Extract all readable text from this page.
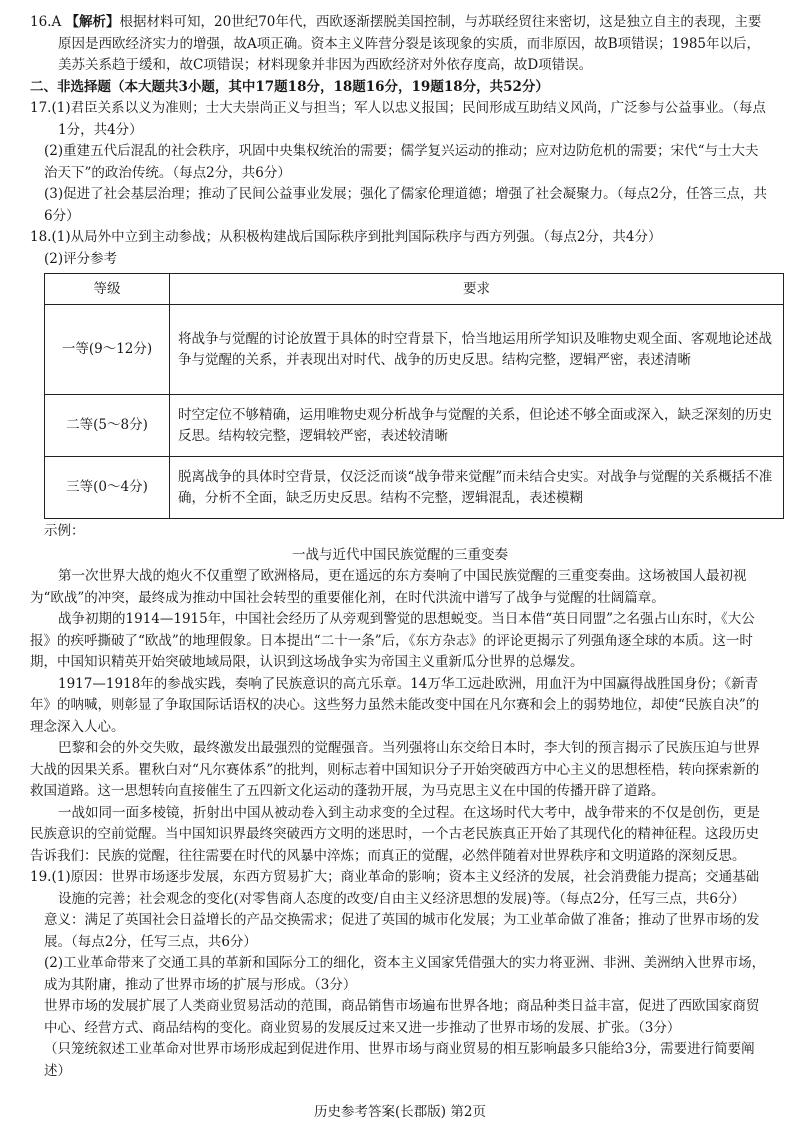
16.A 【解析】根据材料可知，20世纪70年代，西欧逐渐摆脱美国控制，与苏联经贸往来密切，这是独立自主的表现，主要原因是西欧经济实力的增强，故A项正确。资本主义阵营分裂是该现象的实质，而非原因，故B项错误；1985年以后，美苏关系趋于缓和，故C项错误；材料现象并非因为西欧经济对外依存度高，故D项错误。

二、非选择题（本大题共3小题，其中17题18分，18题16分，19题18分，共52分）

17.(1)君臣关系以义为准则；士大夫崇尚正义与担当；军人以忠义报国；民间形成互助结义风尚，广泛参与公益事业。（每点1分，共4分）

(2)重建五代后混乱的社会秩序，巩固中央集权统治的需要；儒学复兴运动的推动；应对边防危机的需要；宋代“与士大夫治天下”的政治传统。（每点2分，共6分）

(3)促进了社会基层治理；推动了民间公益事业发展；强化了儒家伦理道德；增强了社会凝聚力。（每点2分，任答三点，共6分）

18.(1)从局外中立到主动参战；从积极构建战后国际秩序到批判国际秩序与西方列强。（每点2分，共4分）

(2)评分参考

等级	要求
一等(9～12分)	将战争与觉醒的讨论放置于具体的时空背景下，恰当地运用所学知识及唯物史观全面、客观地论述战争与觉醒的关系，并表现出对时代、战争的历史反思。结构完整，逻辑严密，表述清晰
二等(5～8分)	时空定位不够精确，运用唯物史观分析战争与觉醒的关系，但论述不够全面或深入，缺乏深刻的历史反思。结构较完整，逻辑较严密，表述较清晰
三等(0～4分)	脱离战争的具体时空背景，仅泛泛而谈“战争带来觉醒”而未结合史实。对战争与觉醒的关系概括不准确，分析不全面，缺乏历史反思。结构不完整，逻辑混乱，表述模糊

示例：

一战与近代中国民族觉醒的三重变奏

第一次世界大战的炮火不仅重塑了欧洲格局，更在遥远的东方奏响了中国民族觉醒的三重变奏曲。这场被国人最初视为“欧战”的冲突，最终成为推动中国社会转型的重要催化剂，在时代洪流中谱写了战争与觉醒的壮阔篇章。

战争初期的1914—1915年，中国社会经历了从旁观到警觉的思想蜕变。当日本借“英日同盟”之名强占山东时，《大公报》的疾呼撕破了“欧战”的地理假象。日本提出“二十一条”后，《东方杂志》的评论更揭示了列强角逐全球的本质。这一时期，中国知识精英开始突破地域局限，认识到这场战争实为帝国主义重新瓜分世界的总爆发。

1917—1918年的参战实践，奏响了民族意识的高亢乐章。14万华工远赴欧洲，用血汗为中国赢得战胜国身份；《新青年》的呐喊，则彰显了争取国际话语权的决心。这些努力虽然未能改变中国在凡尔赛和会上的弱势地位，却使“民族自决”的理念深入人心。

巴黎和会的外交失败，最终激发出最强烈的觉醒强音。当列强将山东交给日本时，李大钊的预言揭示了民族压迫与世界大战的因果关系。瞿秋白对“凡尔赛体系”的批判，则标志着中国知识分子开始突破西方中心主义的思想桎梏，转向探索新的救国道路。这一思想转向直接催生了五四新文化运动的蓬勃开展，为马克思主义在中国的传播开辟了道路。

一战如同一面多棱镜，折射出中国从被动卷入到主动求变的全过程。在这场时代大考中，战争带来的不仅是创伤，更是民族意识的空前觉醒。当中国知识界最终突破西方文明的迷思时，一个古老民族真正开始了其现代化的精神征程。这段历史告诉我们：民族的觉醒，往往需要在时代的风暴中淬炼；而真正的觉醒，必然伴随着对世界秩序和文明道路的深刻反思。

19.(1)原因：世界市场逐步发展，东西方贸易扩大；商业革命的影响；资本主义经济的发展，社会消费能力提高；交通基础设施的完善；社会观念的变化(对零售商人态度的改变/自由主义经济思想的发展)等。（每点2分，任写三点，共6分）

意义：满足了英国社会日益增长的产品交换需求；促进了英国的城市化发展；为工业革命做了准备；推动了世界市场的发展。（每点2分，任写三点，共6分）

(2)工业革命带来了交通工具的革新和国际分工的细化，资本主义国家凭借强大的实力将亚洲、非洲、美洲纳入世界市场，成为其附庸，推动了世界市场的扩展与形成。（3分）

世界市场的发展扩展了人类商业贸易活动的范围，商品销售市场遍布世界各地；商品种类日益丰富，促进了西欧国家商贸中心、经营方式、商品结构的变化。商业贸易的发展反过来又进一步推动了世界市场的发展、扩张。（3分）

（只笼统叙述工业革命对世界市场形成起到促进作用、世界市场与商业贸易的相互影响最多只能给3分，需要进行简要阐述）

历史参考答案(长郡版) 第2页
